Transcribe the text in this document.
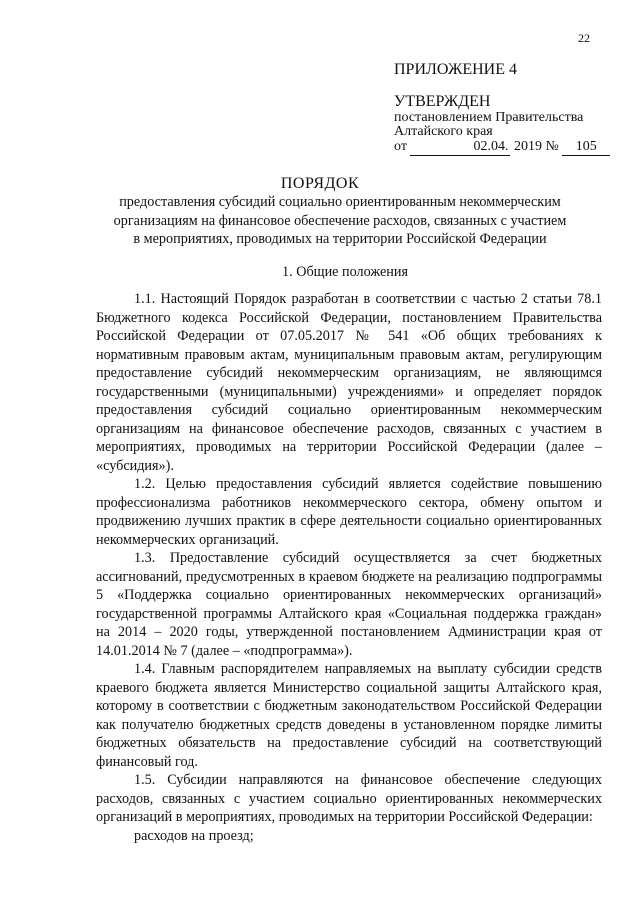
22
ПРИЛОЖЕНИЕ 4
УТВЕРЖДЕН
постановлением Правительства
Алтайского края
от	02.04. 2019 № 105
ПОРЯДОК
предоставления субсидий социально ориентированным некоммерческим
организациям на финансовое обеспечение расходов, связанных с участием
в мероприятиях, проводимых на территории Российской Федерации
1. Общие положения

1.1. Настоящий Порядок разработан в соответствии с частью 2 статьи 78.1 Бюджетного кодекса Российской Федерации, постановлением Правительства Российской Федерации от 07.05.2017 № 541 «Об общих требованиях к нормативным правовым актам, муниципальным правовым актам, регулирующим предоставление субсидий некоммерческим организациям, не являющимся государственными (муниципальными) учреждениями» и определяет порядок предоставления субсидий социально ориентированным некоммерческим организациям на финансовое обеспечение расходов, связанных с участием в мероприятиях, проводимых на территории Российской Федерации (далее – «субсидия»).

1.2. Целью предоставления субсидий является содействие повышению профессионализма работников некоммерческого сектора, обмену опытом и продвижению лучших практик в сфере деятельности социально ориентированных некоммерческих организаций.

1.3. Предоставление субсидий осуществляется за счет бюджетных ассигнований, предусмотренных в краевом бюджете на реализацию подпрограммы 5 «Поддержка социально ориентированных некоммерческих организаций» государственной программы Алтайского края «Социальная поддержка граждан» на 2014 – 2020 годы, утвержденной постановлением Администрации края от 14.01.2014 № 7 (далее – «подпрограмма»).

1.4. Главным распорядителем направляемых на выплату субсидии средств краевого бюджета является Министерство социальной защиты Алтайского края, которому в соответствии с бюджетным законодательством Российской Федерации как получателю бюджетных средств доведены в установленном порядке лимиты бюджетных обязательств на предоставление субсидий на соответствующий финансовый год.

1.5. Субсидии направляются на финансовое обеспечение следующих расходов, связанных с участием социально ориентированных некоммерческих организаций в мероприятиях, проводимых на территории Российской Федерации:

расходов на проезд;
